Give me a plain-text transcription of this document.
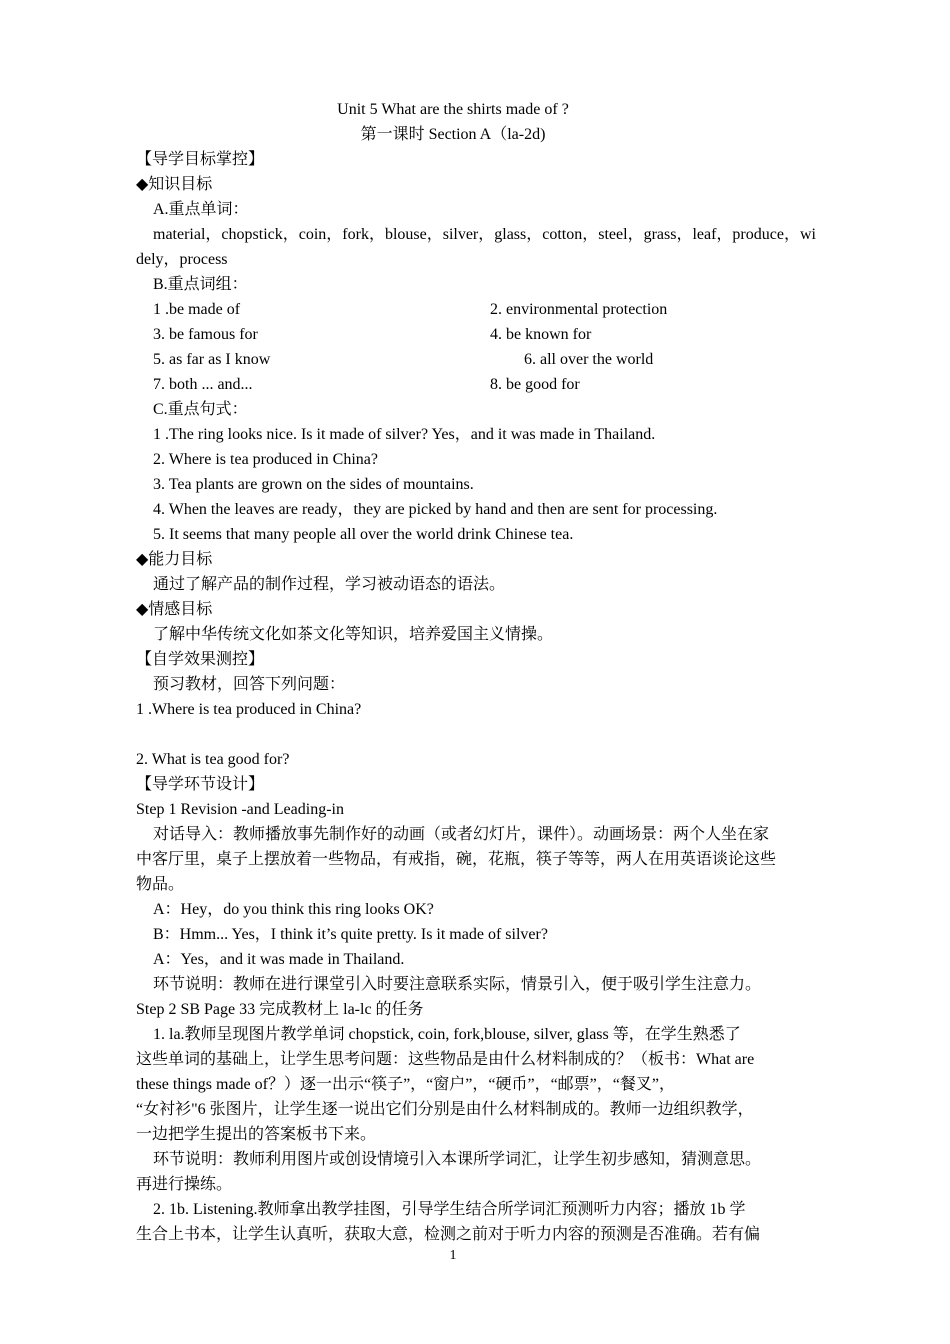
Unit 5 What are the shirts made of ?
第一课时 Section A（la-2d)
【导学目标掌控】
◆知识目标
A.重点单词：
material，chopstick，coin，fork，blouse，silver，glass，cotton，steel，grass，leaf，produce，wi
dely，process
B.重点词组：
1 .be made of	2. environmental protection
3. be famous for	4. be known for
5. as far as I know	6. all over the world
7. both ... and...	8. be good for
C.重点句式：
1 .The ring looks nice. Is it made of silver? Yes，and it was made in Thailand.
2. Where is tea produced in China?
3. Tea plants are grown on the sides of mountains.
4. When the leaves are ready，they are picked by hand and then are sent for processing.
5. It seems that many people all over the world drink Chinese tea.
◆能力目标
通过了解产品的制作过程，学习被动语态的语法。
◆情感目标
了解中华传统文化如茶文化等知识，培养爱国主义情操。
【自学效果测控】
预习教材，回答下列问题：
1 .Where is tea produced in China?
2. What is tea good for?
【导学环节设计】
Step 1 Revision -and Leading-in
对话导入：教师播放事先制作好的动画（或者幻灯片，课件）。动画场景：两个人坐在家
中客厅里，桌子上摆放着一些物品，有戒指，碗，花瓶，筷子等等，两人在用英语谈论这些
物品。
A：Hey，do you think this ring looks OK?
B：Hmm... Yes，I think it’s quite pretty. Is it made of silver?
A：Yes，and it was made in Thailand.
环节说明：教师在进行课堂引入时要注意联系实际，情景引入，便于吸引学生注意力。
Step 2 SB Page 33 完成教材上 la-lc 的任务
1. la.教师呈现图片教学单词 chopstick, coin, fork,blouse, silver, glass 等，在学生熟悉了
这些单词的基础上，让学生思考问题：这些物品是由什么材料制成的？（板书：What are
these things made of？）逐一出示“筷子”，“窗户”，“硬币”，“邮票”，“餐叉”，
“女衬衫"6 张图片，让学生逐一说出它们分别是由什么材料制成的。教师一边组织教学，
一边把学生提出的答案板书下来。
环节说明：教师利用图片或创设情境引入本课所学词汇，让学生初步感知，猜测意思。
再进行操练。
2. 1b. Listening.教师拿出教学挂图，引导学生结合所学词汇预测听力内容；播放 1b 学
生合上书本，让学生认真听，获取大意，检测之前对于听力内容的预测是否准确。若有偏
1
